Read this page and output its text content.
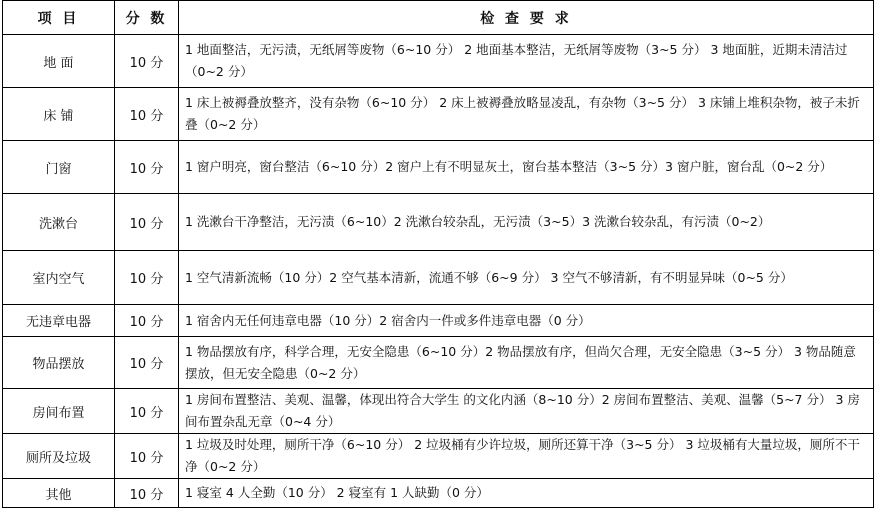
项 目	分 数	检 查 要 求
地 面	10 分	1 地面整洁，无污渍，无纸屑等废物（6~10 分） 2 地面基本整洁，无纸屑等废物（3~5 分） 3 地面脏，近期未清洁过（0~2 分）
床 铺	10 分	1 床上被褥叠放整齐，没有杂物（6~10 分） 2 床上被褥叠放略显凌乱，有杂物（3~5 分） 3 床铺上堆积杂物，被子未折叠（0~2 分）
门窗	10 分	1 窗户明亮，窗台整洁（6~10 分）2 窗户上有不明显灰土，窗台基本整洁（3~5 分）3 窗户脏，窗台乱（0~2 分）
洗漱台	10 分	1 洗漱台干净整洁，无污渍（6~10）2 洗漱台较杂乱，无污渍（3~5）3 洗漱台较杂乱，有污渍（0~2）
室内空气	10 分	1 空气清新流畅（10 分）2 空气基本清新，流通不够（6~9 分） 3 空气不够清新，有不明显异味（0~5 分）
无违章电器	10 分	1 宿舍内无任何违章电器（10 分）2 宿舍内一件或多件违章电器（0 分）
物品摆放	10 分	1 物品摆放有序，科学合理，无安全隐患（6~10 分）2 物品摆放有序，但尚欠合理，无安全隐患（3~5 分） 3 物品随意摆放，但无安全隐患（0~2 分）
房间布置	10 分	1 房间布置整洁、美观、温馨，体现出符合大学生 的文化内涵（8~10 分）2 房间布置整洁、美观、温馨（5~7 分） 3 房间布置杂乱无章（0~4 分）
厕所及垃圾	10 分	1 垃圾及时处理，厕所干净（6~10 分） 2 垃圾桶有少许垃圾，厕所还算干净（3~5 分） 3 垃圾桶有大量垃圾，厕所不干净（0~2 分）
其他	10 分	1 寝室 4 人全勤（10 分） 2 寝室有 1 人缺勤（0 分）
